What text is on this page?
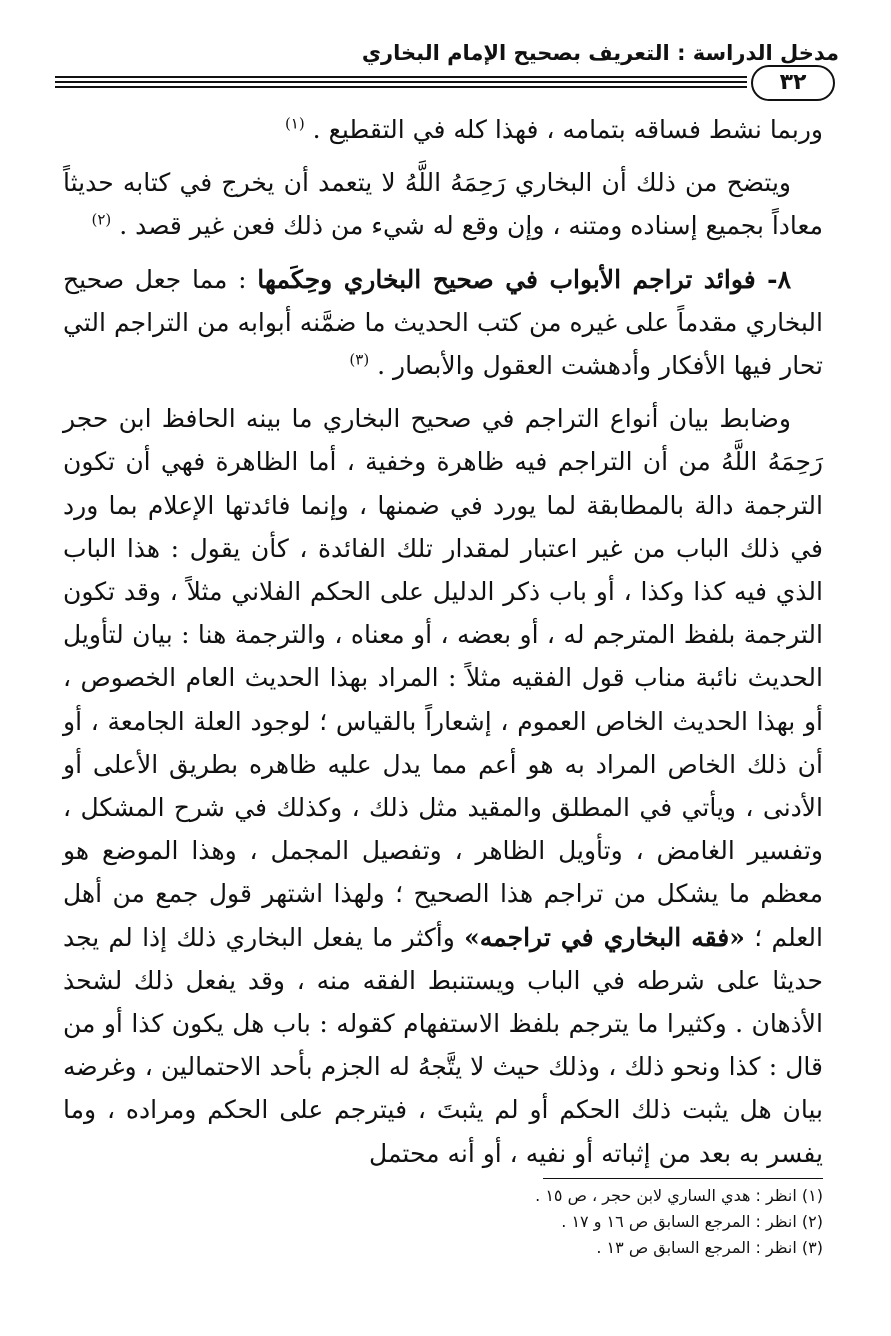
مدخل الدراسة : التعريف بصحيح الإمام البخاري
٣٢

وربما نشط فساقه بتمامه ، فهذا كله في التقطيع . $^{(١)}$

ويتضح من ذلك أن البخاري رَحِمَهُ اللَّهُ لا يتعمد أن يخرج في كتابه حديثاً معاداً بجميع إسناده ومتنه ، وإن وقع له شيء من ذلك فعن غير قصد . $^{(٢)}$

٨- فوائد تراجم الأبواب في صحيح البخاري وحِكَمها : مما جعل صحيح البخاري مقدماً على غيره من كتب الحديث ما ضمَّنه أبوابه من التراجم التي تحار فيها الأفكار وأدهشت العقول والأبصار . $^{(٣)}$

وضابط بيان أنواع التراجم في صحيح البخاري ما بينه الحافظ ابن حجر رَحِمَهُ اللَّهُ من أن التراجم فيه ظاهرة وخفية ، أما الظاهرة فهي أن تكون الترجمة دالة بالمطابقة لما يورد في ضمنها ، وإنما فائدتها الإعلام بما ورد في ذلك الباب من غير اعتبار لمقدار تلك الفائدة ، كأن يقول : هذا الباب الذي فيه كذا وكذا ، أو باب ذكر الدليل على الحكم الفلاني مثلاً ، وقد تكون الترجمة بلفظ المترجم له ، أو بعضه ، أو معناه ، والترجمة هنا : بيان لتأويل الحديث نائبة مناب قول الفقيه مثلاً : المراد بهذا الحديث العام الخصوص ، أو بهذا الحديث الخاص العموم ، إشعاراً بالقياس ؛ لوجود العلة الجامعة ، أو أن ذلك الخاص المراد به هو أعم مما يدل عليه ظاهره بطريق الأعلى أو الأدنى ، ويأتي في المطلق والمقيد مثل ذلك ، وكذلك في شرح المشكل ، وتفسير الغامض ، وتأويل الظاهر ، وتفصيل المجمل ، وهذا الموضع هو معظم ما يشكل من تراجم هذا الصحيح ؛ ولهذا اشتهر قول جمع من أهل العلم ؛ «فقه البخاري في تراجمه» وأكثر ما يفعل البخاري ذلك إذا لم يجد حديثا على شرطه في الباب ويستنبط الفقه منه ، وقد يفعل ذلك لشحذ الأذهان . وكثيرا ما يترجم بلفظ الاستفهام كقوله : باب هل يكون كذا أو من قال : كذا ونحو ذلك ، وذلك حيث لا يتَّجهُ له الجزم بأحد الاحتمالين ، وغرضه بيان هل يثبت ذلك الحكم أو لم يثبتَ ، فيترجم على الحكم ومراده ، وما يفسر به بعد من إثباته أو نفيه ، أو أنه محتمل

(١) انظر : هدي الساري لابن حجر ، ص ١٥ .

(٢) انظر : المرجع السابق ص ١٦ و ١٧ .

(٣) انظر : المرجع السابق ص ١٣ .
